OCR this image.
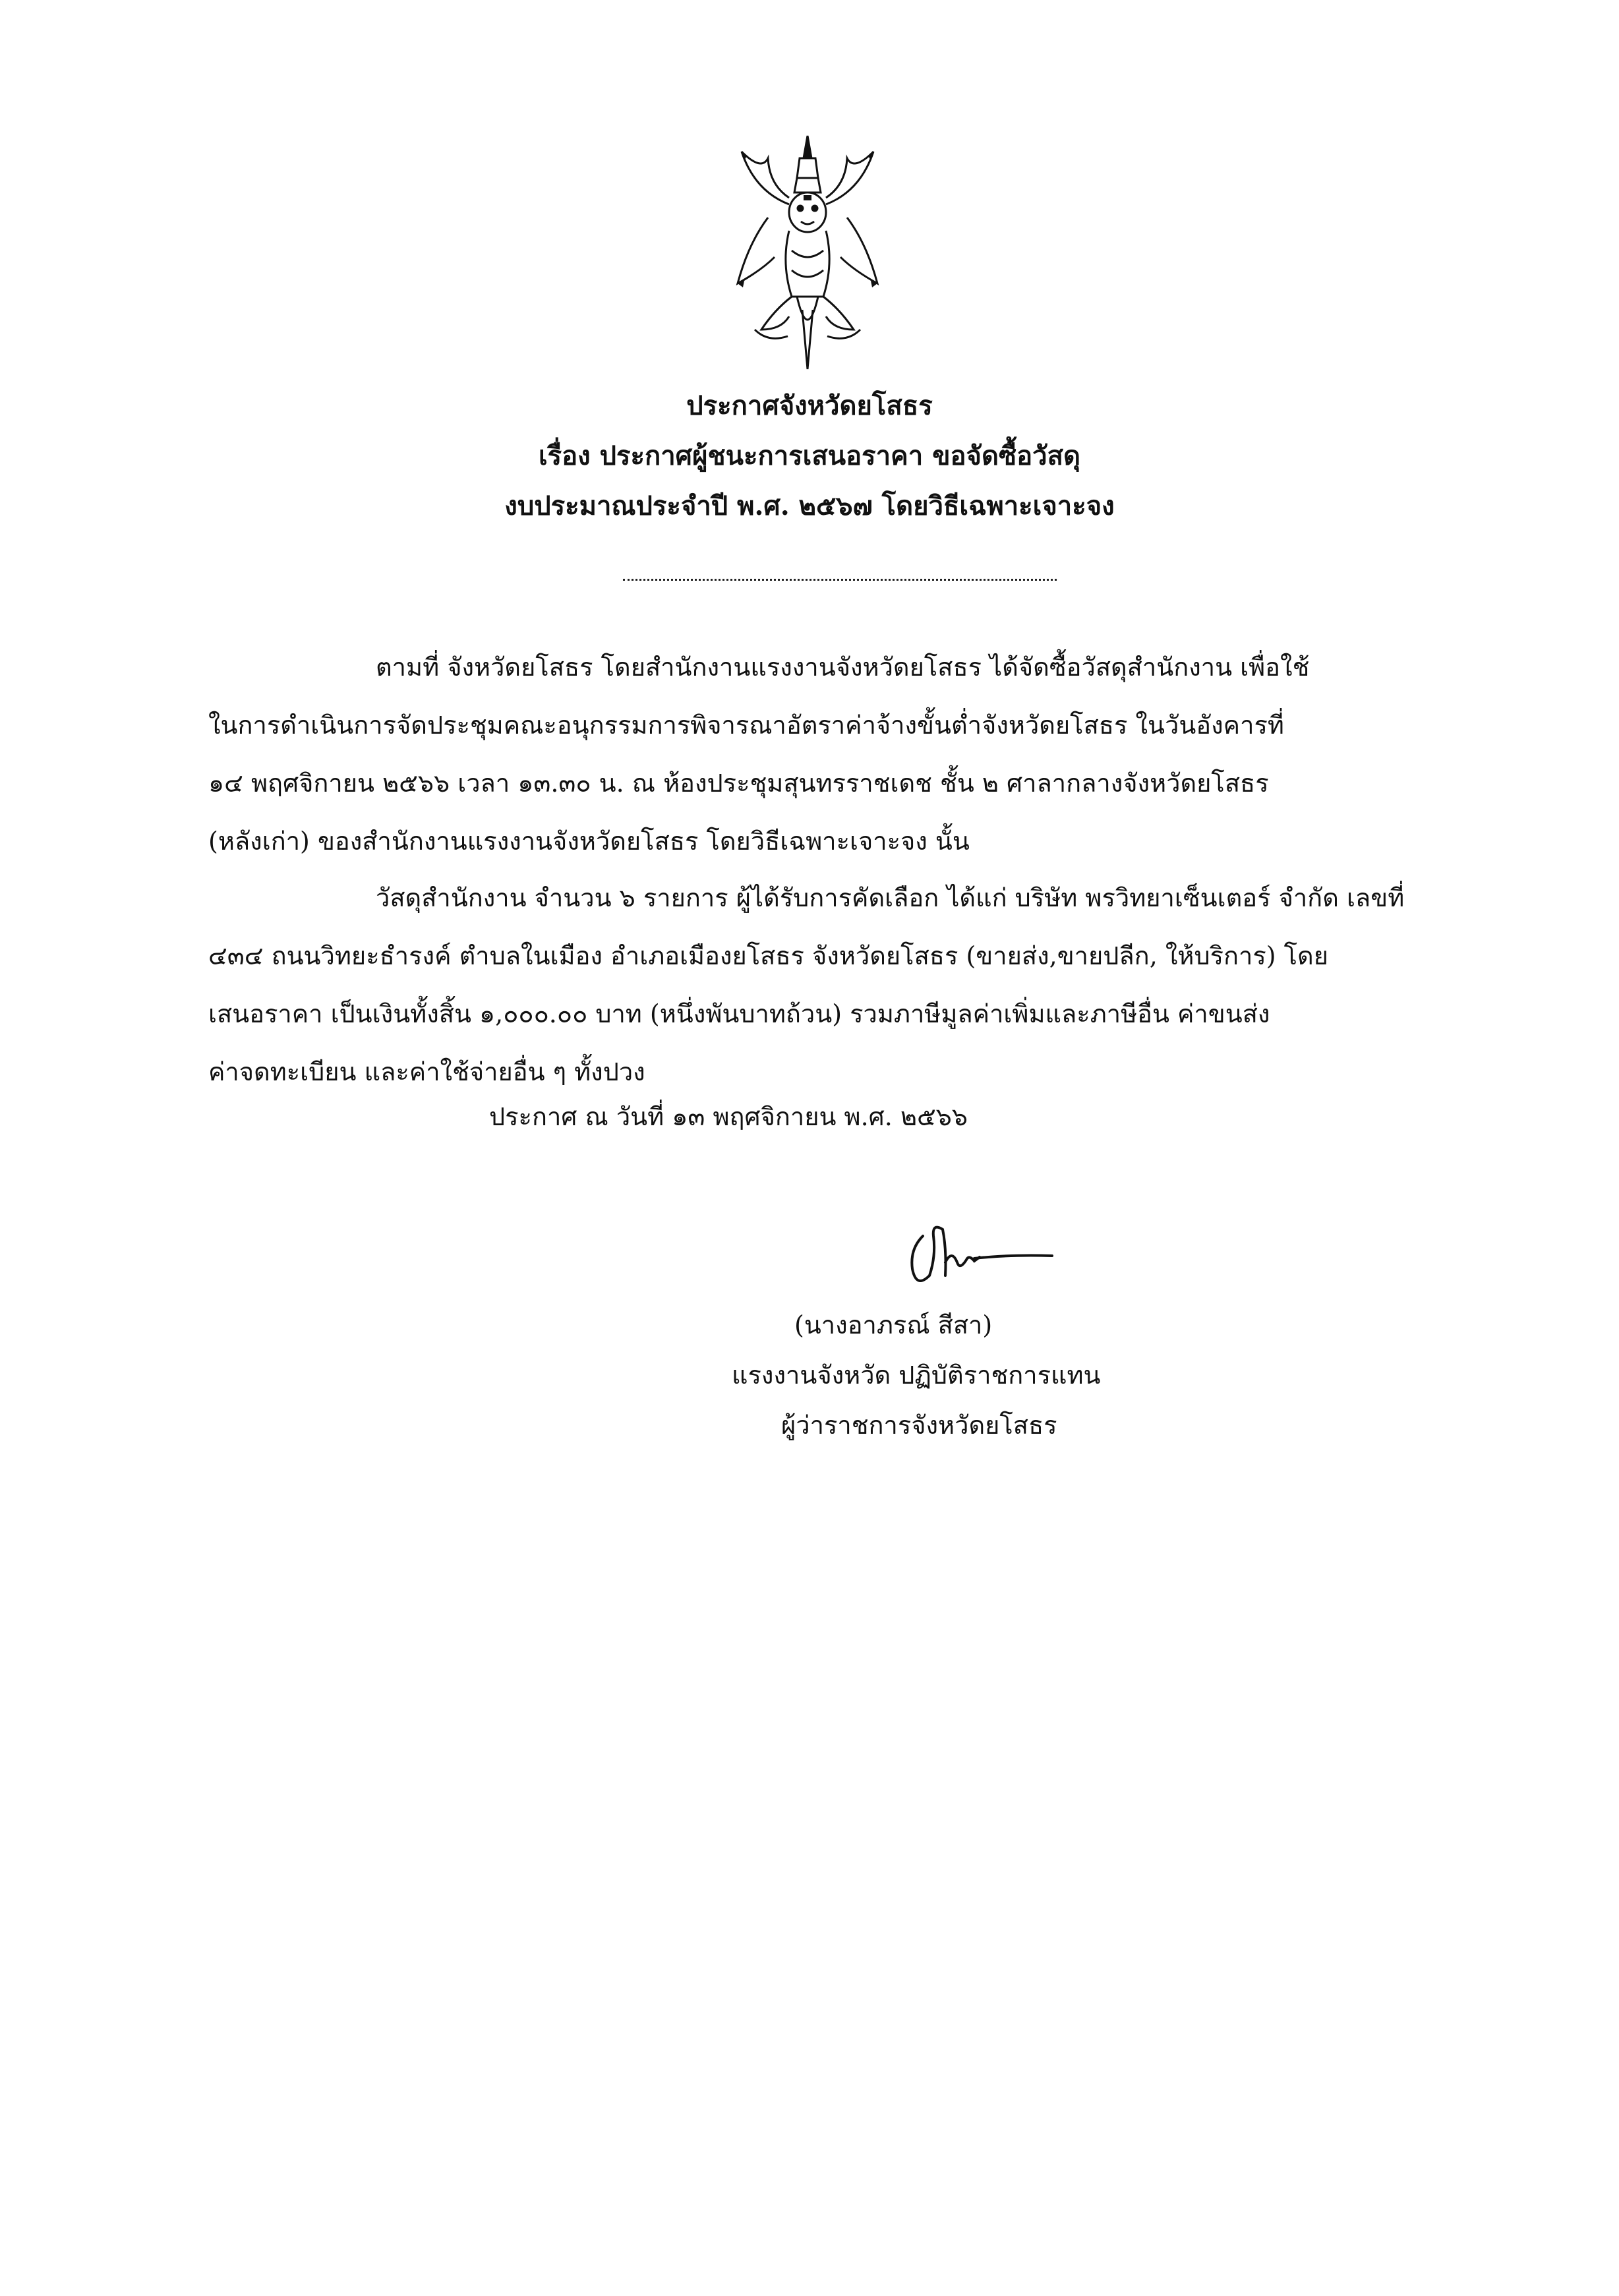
ประกาศจังหวัดยโสธร
เรื่อง ประกาศผู้ชนะการเสนอราคา ขอจัดซื้อวัสดุ
งบประมาณประจำปี พ.ศ. ๒๕๖๗ โดยวิธีเฉพาะเจาะจง
ตามที่ จังหวัดยโสธร โดยสำนักงานแรงงานจังหวัดยโสธร ได้จัดซื้อวัสดุสำนักงาน เพื่อใช้
ในการดำเนินการจัดประชุมคณะอนุกรรมการพิจารณาอัตราค่าจ้างขั้นต่ำจังหวัดยโสธร ในวันอังคารที่
๑๔ พฤศจิกายน ๒๕๖๖ เวลา ๑๓.๓๐ น. ณ ห้องประชุมสุนทรราชเดช ชั้น ๒ ศาลากลางจังหวัดยโสธร
(หลังเก่า) ของสำนักงานแรงงานจังหวัดยโสธร โดยวิธีเฉพาะเจาะจง นั้น
วัสดุสำนักงาน จำนวน ๖ รายการ ผู้ได้รับการคัดเลือก ได้แก่ บริษัท พรวิทยาเซ็นเตอร์ จำกัด เลขที่
๔๓๔ ถนนวิทยะธำรงค์ ตำบลในเมือง อำเภอเมืองยโสธร จังหวัดยโสธร (ขายส่ง,ขายปลีก, ให้บริการ) โดย
เสนอราคา เป็นเงินทั้งสิ้น ๑,๐๐๐.๐๐ บาท (หนึ่งพันบาทถ้วน) รวมภาษีมูลค่าเพิ่มและภาษีอื่น ค่าขนส่ง
ค่าจดทะเบียน และค่าใช้จ่ายอื่น ๆ ทั้งปวง
ประกาศ ณ วันที่ ๑๓ พฤศจิกายน พ.ศ. ๒๕๖๖
(นางอาภรณ์ สีสา)
แรงงานจังหวัด ปฏิบัติราชการแทน
ผู้ว่าราชการจังหวัดยโสธร
